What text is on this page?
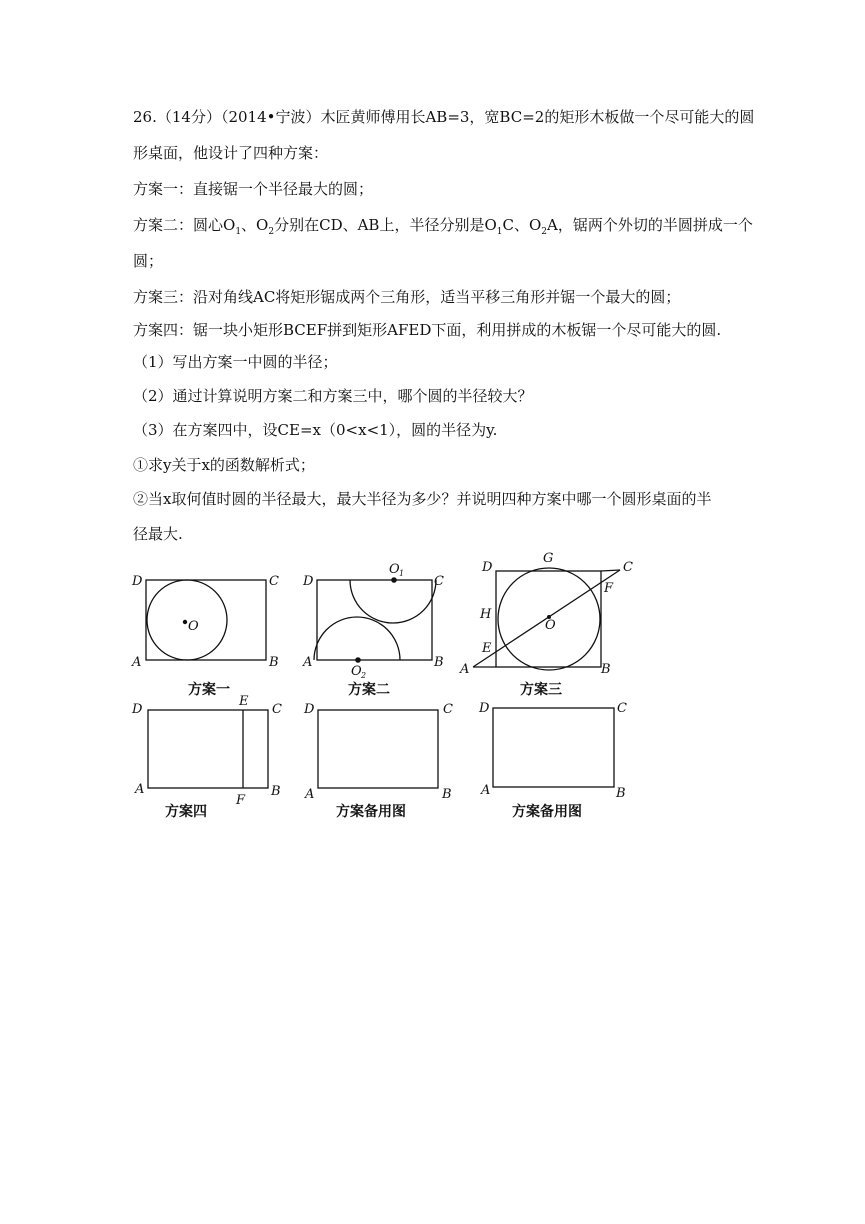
26.（14分）（2014•宁波）木匠黄师傅用长AB=3，宽BC=2的矩形木板做一个尽可能大的圆
形桌面，他设计了四种方案：
方案一：直接锯一个半径最大的圆；
方案二：圆心$O_1$、$O_2$分别在CD、AB上，半径分别是$O_1C$、$O_2A$，锯两个外切的半圆拼成一个
圆；
方案三：沿对角线AC将矩形锯成两个三角形，适当平移三角形并锯一个最大的圆；
方案四：锯一块小矩形BCEF拼到矩形AFED下面，利用拼成的木板锯一个尽可能大的圆.
（1）写出方案一中圆的半径；
（2）通过计算说明方案二和方案三中，哪个圆的半径较大？
（3）在方案四中，设CE=x（0<x<1），圆的半径为y.
①求y关于x的函数解析式；
②当x取何值时圆的半径最大，最大半径为多少？并说明四种方案中哪一个圆形桌面的半
径最大.
D	C
A	B
O
方案一
D	C
A	B
O 1
O 2
方案二
D
G
C
F
H
O
E
A	B
方案三
D
E
C
A
F
B
方案四
D	C
A	B
方案备用图
D	C
A	B
方案备用图
